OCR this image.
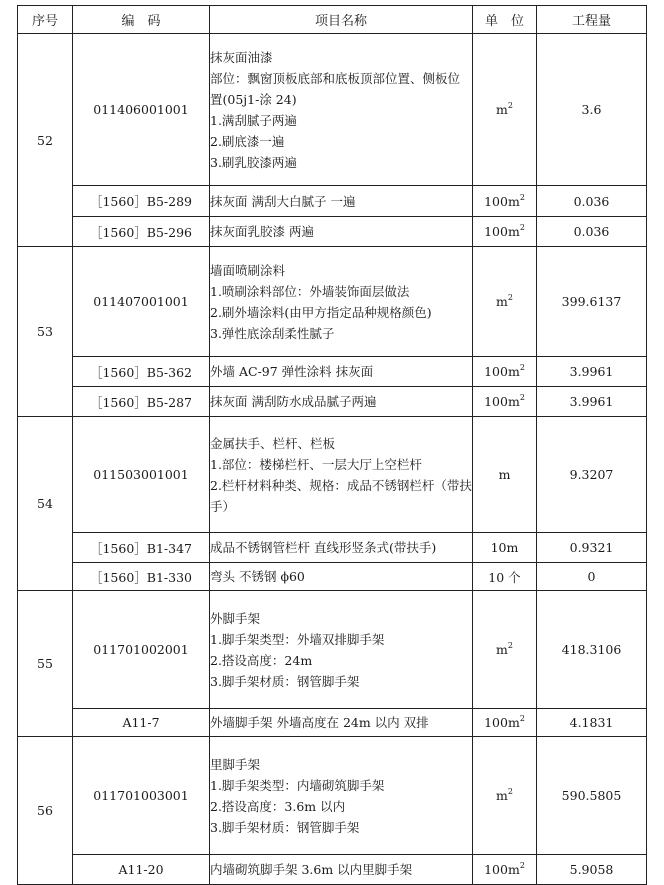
序号	编　码	项目名称	单　位	工程量
52	011406001001	抹灰面油漆
部位：飘窗顶板底部和底板顶部位置、侧板位置(05j1-涂 24)
1.满刮腻子两遍
2.刷底漆一遍
3.刷乳胶漆两遍	$m^2$	3.6
	［1560］B5-289	抹灰面 满刮大白腻子 一遍	$100m^2$	0.036
	［1560］B5-296	抹灰面乳胶漆 两遍	$100m^2$	0.036
53	011407001001	墙面喷刷涂料
1.喷刷涂料部位：外墙装饰面层做法
2.刷外墙涂料(由甲方指定品种规格颜色)
3.弹性底涂刮柔性腻子	$m^2$	399.6137
	［1560］B5-362	外墙 AC-97 弹性涂料 抹灰面	$100m^2$	3.9961
	［1560］B5-287	抹灰面 满刮防水成品腻子两遍	$100m^2$	3.9961
54	011503001001	金属扶手、栏杆、栏板
1.部位：楼梯栏杆、一层大厅上空栏杆
2.栏杆材料种类、规格：成品不锈钢栏杆（带扶手）	m	9.3207
	［1560］B1-347	成品不锈钢管栏杆 直线形竖条式(带扶手)	10m	0.9321
	［1560］B1-330	弯头 不锈钢 ϕ60	10 个	0
55	011701002001	外脚手架
1.脚手架类型：外墙双排脚手架
2.搭设高度：24m
3.脚手架材质：钢管脚手架	$m^2$	418.3106
	A11-7	外墙脚手架 外墙高度在 24m 以内 双排	$100m^2$	4.1831
56	011701003001	里脚手架
1.脚手架类型：内墙砌筑脚手架
2.搭设高度：3.6m 以内
3.脚手架材质：钢管脚手架	$m^2$	590.5805
	A11-20	内墙砌筑脚手架 3.6m 以内里脚手架	$100m^2$	5.9058
